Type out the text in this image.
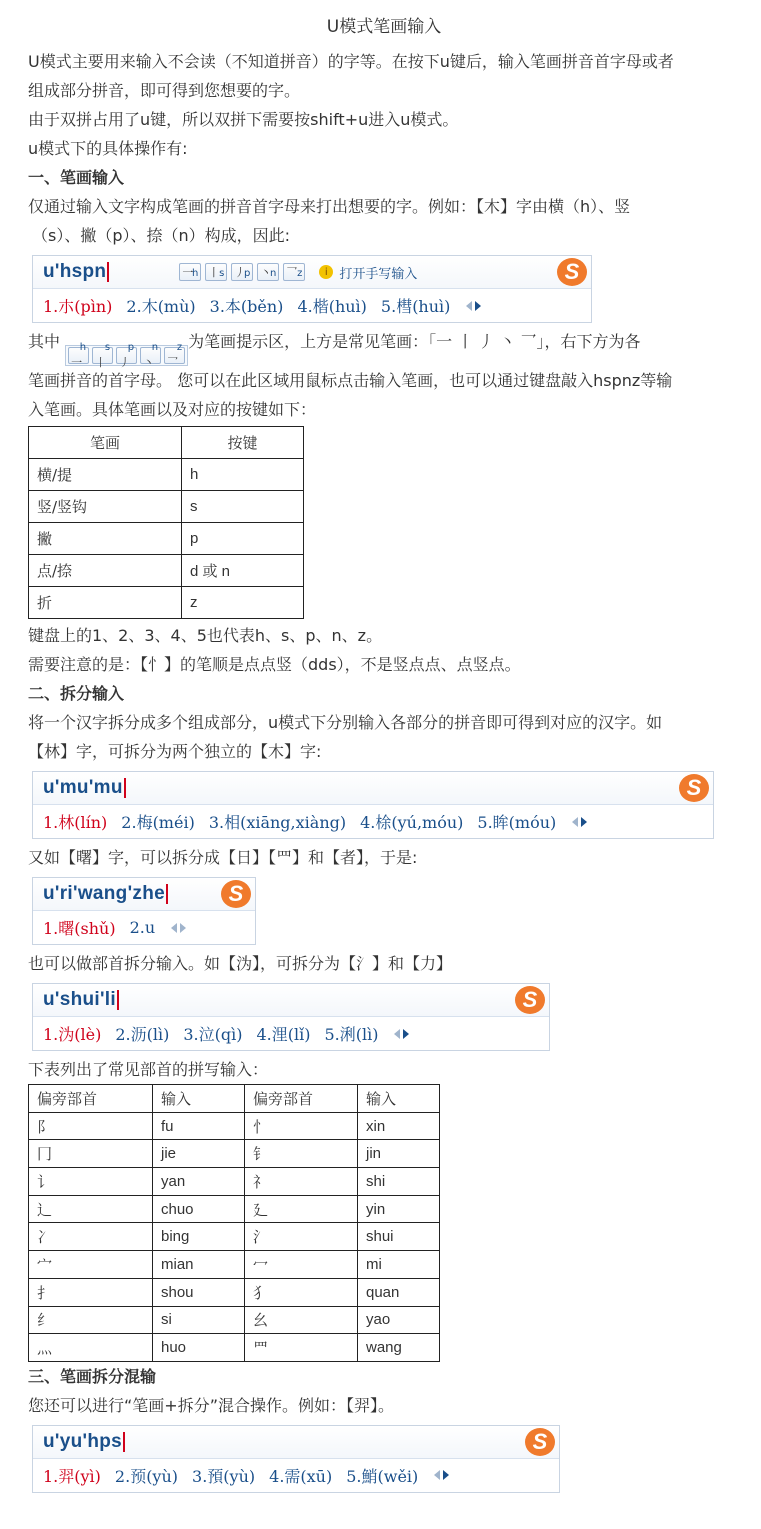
U模式笔画输入

U模式主要用来输入不会读（不知道拼音）的字等。在按下u键后，输入笔画拼音首字母或者

组成部分拼音，即可得到您想要的字。

由于双拼占用了u键，所以双拼下需要按shift+u进入u模式。

u模式下的具体操作有:

一、笔画输入

仅通过输入文字构成笔画的拼音首字母来打出想要的字。例如：【木】字由横（h）、竖

（s）、撇（p）、捺（n）构成，因此:

u'hspn	一
h 丨 s 丿
p 丶
n 乛 z	i 打开手写输入
1.朩(pìn) 2.木(mù) 3.本(běn) 4.楷(huì) 5.槥(huì)
S

其中
一
h
丨
s
丿
p
丶
n
乛
z 为笔画提示区，上方是常见笔画：「一 丨 丿 丶 乛」，右下方为各

笔画拼音的首字母。 您可以在此区域用鼠标点击输入笔画，也可以通过键盘敲入hspnz等输

入笔画。具体笔画以及对应的按键如下：

笔画	按键
横/提	h
竖/竖钩	s
撇	p
点/捺	d 或 n
折	z

键盘上的1、2、3、4、5也代表h、s、p、n、z。

需要注意的是：【忄】的笔顺是点点竖（dds），不是竖点点、点竖点。

二、拆分输入

将一个汉字拆分成多个组成部分，u模式下分别输入各部分的拼音即可得到对应的汉字。如

【林】字，可拆分为两个独立的【木】字:

u'mu'mu
1.林(lín) 2.梅(méi) 3.相(xiāng,xiàng) 4.梌(yú,móu) 5.眸(móu)
S

又如【曙】字，可以拆分成【日】【罒】和【者】，于是:

u'ri'wang'zhe
1.曙(shǔ) 2.u
S

也可以做部首拆分输入。如【沩】，可拆分为【氵】和【力】

u'shui'li
1.沩(lè) 2.沥(lì) 3.泣(qì) 4.浬(lǐ) 5.浰(lì)
S

下表列出了常见部首的拼写输入：

偏旁部首	输入	偏旁部首	输入
阝	fu	忄	xin
冂	jie	钅	jin
讠	yan	礻	shi
辶	chuo	廴	yin
冫	bing	氵	shui
宀	mian	冖	mi
扌	shou	犭	quan
纟	si	幺	yao
灬	huo	罒	wang

三、笔画拆分混输

您还可以进行“笔画+拆分”混合操作。例如：【羿】。

u'yu'hps
1.羿(yì) 2.预(yù) 3.預(yù) 4.需(xū) 5.鮹(wěi)
S
